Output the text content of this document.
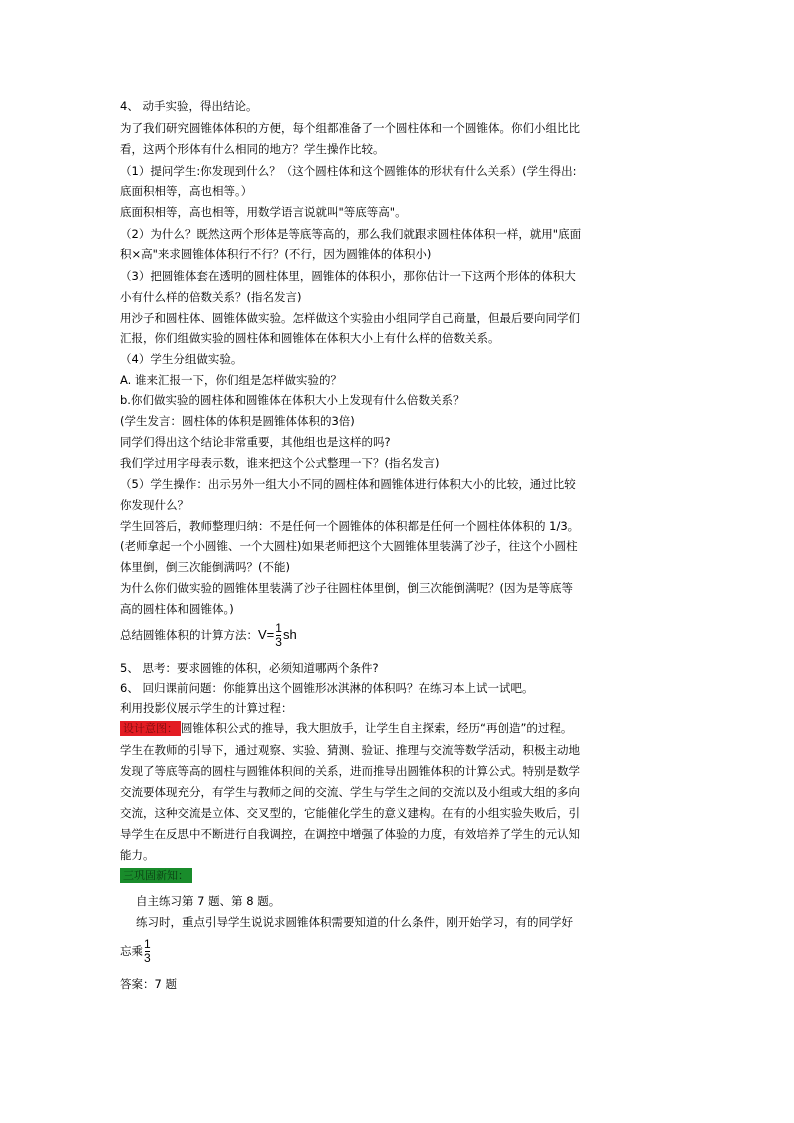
4、 动手实验，得出结论。
为了我们研究圆锥体体积的方便，每个组都准备了一个圆柱体和一个圆锥体。你们小组比比
看，这两个形体有什么相同的地方？学生操作比较。
（1）提问学生:你发现到什么？（这个圆柱体和这个圆锥体的形状有什么关系）(学生得出:
底面积相等，高也相等。）
底面积相等，高也相等，用数学语言说就叫"等底等高"。
（2）为什么？既然这两个形体是等底等高的，那么我们就跟求圆柱体体积一样，就用"底面
积×高"来求圆锥体体积行不行？(不行，因为圆锥体的体积小)
（3）把圆锥体套在透明的圆柱体里，圆锥体的体积小，那你估计一下这两个形体的体积大
小有什么样的倍数关系？(指名发言)
用沙子和圆柱体、圆锥体做实验。怎样做这个实验由小组同学自己商量，但最后要向同学们
汇报，你们组做实验的圆柱体和圆锥体在体积大小上有什么样的倍数关系。
（4）学生分组做实验。
A. 谁来汇报一下，你们组是怎样做实验的？
b.你们做实验的圆柱体和圆锥体在体积大小上发现有什么倍数关系？
(学生发言：圆柱体的体积是圆锥体体积的3倍)
同学们得出这个结论非常重要，其他组也是这样的吗?
我们学过用字母表示数，谁来把这个公式整理一下？(指名发言)
（5）学生操作：出示另外一组大小不同的圆柱体和圆锥体进行体积大小的比较，通过比较
你发现什么？
学生回答后，教师整理归纳：不是任何一个圆锥体的体积都是任何一个圆柱体体积的 1/3。
(老师拿起一个小圆锥、一个大圆柱)如果老师把这个大圆锥体里装满了沙子，往这个小圆柱
体里倒，倒三次能倒满吗？(不能)
为什么你们做实验的圆锥体里装满了沙子往圆柱体里倒，倒三次能倒满呢？(因为是等底等
高的圆柱体和圆锥体。)
总结圆锥体积的计算方法：$V= \frac{1}{3}$ sh
5、 思考：要求圆锥的体积，必须知道哪两个条件?
6、 回归课前问题：你能算出这个圆锥形冰淇淋的体积吗？在练习本上试一试吧。
利用投影仪展示学生的计算过程：
设计意图： 圆锥体积公式的推导，我大胆放手，让学生自主探索，经历“再创造”的过程。
学生在教师的引导下，通过观察、实验、猜测、验证、推理与交流等数学活动，积极主动地
发现了等底等高的圆柱与圆锥体积间的关系，进而推导出圆锥体积的计算公式。特别是数学
交流要体现充分，有学生与教师之间的交流、学生与学生之间的交流以及小组或大组的多向
交流，这种交流是立体、交叉型的，它能催化学生的意义建构。在有的小组实验失败后，引
导学生在反思中不断进行自我调控，在调控中增强了体验的力度，有效培养了学生的元认知
能力。
三巩固新知：
自主练习第 7 题、第 8 题。
练习时，重点引导学生说说求圆锥体积需要知道的什么条件，刚开始学习，有的同学好
忘乘 $\frac{1}{3}$
答案：7 题
